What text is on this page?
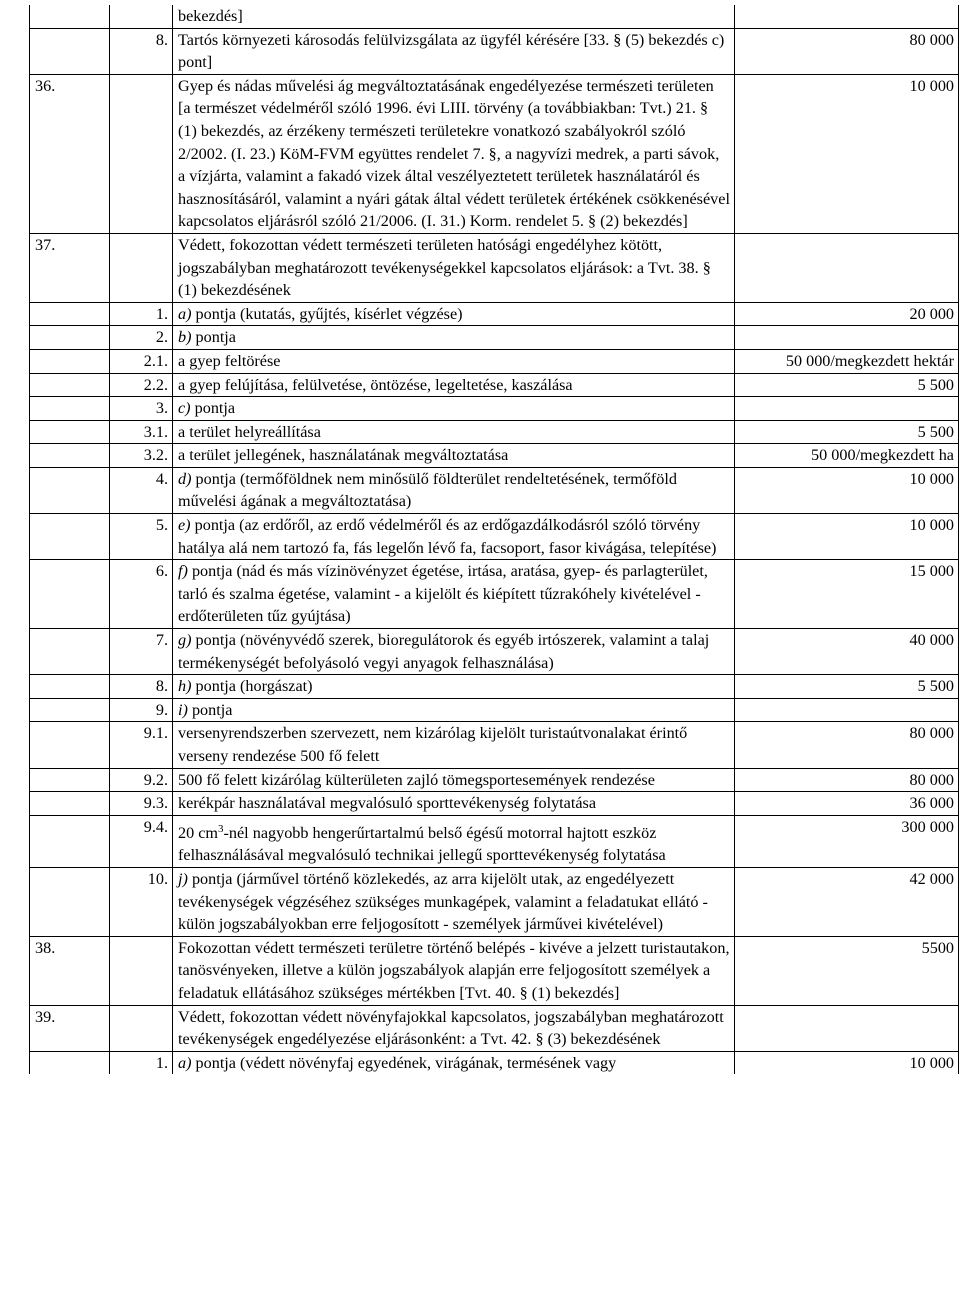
		bekezdés]	
	8.	Tartós környezeti károsodás felülvizsgálata az ügyfél kérésére [33. § (5) bekezdés c) pont]	80 000
36.		Gyep és nádas művelési ág megváltoztatásának engedélyezése természeti területen [a természet védelméről szóló 1996. évi LIII. törvény (a továbbiakban: Tvt.) 21. § (1) bekezdés, az érzékeny természeti területekre vonatkozó szabályokról szóló 2/2002. (I. 23.) KöM-FVM együttes rendelet 7. §, a nagyvízi medrek, a parti sávok, a vízjárta, valamint a fakadó vizek által veszélyeztetett területek használatáról és hasznosításáról, valamint a nyári gátak által védett területek értékének csökkenésével kapcsolatos eljárásról szóló 21/2006. (I. 31.) Korm. rendelet 5. § (2) bekezdés]	10 000
37.		Védett, fokozottan védett természeti területen hatósági engedélyhez kötött, jogszabályban meghatározott tevékenységekkel kapcsolatos eljárások: a Tvt. 38. § (1) bekezdésének	
	1.	a) pontja (kutatás, gyűjtés, kísérlet végzése)	20 000
	2.	b) pontja	
	2.1.	a gyep feltörése	50 000/megkezdett hektár
	2.2.	a gyep felújítása, felülvetése, öntözése, legeltetése, kaszálása	5 500
	3.	c) pontja	
	3.1.	a terület helyreállítása	5 500
	3.2.	a terület jellegének, használatának megváltoztatása	50 000/megkezdett ha
	4.	d) pontja (termőföldnek nem minősülő földterület rendeltetésének, termőföld művelési ágának a megváltoztatása)	10 000
	5.	e) pontja (az erdőről, az erdő védelméről és az erdőgazdálkodásról szóló törvény hatálya alá nem tartozó fa, fás legelőn lévő fa, facsoport, fasor kivágása, telepítése)	10 000
	6.	f) pontja (nád és más vízinövényzet égetése, irtása, aratása, gyep- és parlagterület, tarló és szalma égetése, valamint - a kijelölt és kiépített tűzrakóhely kivételével - erdőterületen tűz gyújtása)	15 000
	7.	g) pontja (növényvédő szerek, bioregulátorok és egyéb irtószerek, valamint a talaj termékenységét befolyásoló vegyi anyagok felhasználása)	40 000
	8.	h) pontja (horgászat)	5 500
	9.	i) pontja	
	9.1.	versenyrendszerben szervezett, nem kizárólag kijelölt turistaútvonalakat érintő verseny rendezése 500 fő felett	80 000
	9.2.	500 fő felett kizárólag külterületen zajló tömegsportesemények rendezése	80 000
	9.3.	kerékpár használatával megvalósuló sporttevékenység folytatása	36 000
	9.4.	20 $cm^3$-nél nagyobb hengerűrtartalmú belső égésű motorral hajtott eszköz felhasználásával megvalósuló technikai jellegű sporttevékenység folytatása	300 000
	10.	j) pontja (járművel történő közlekedés, az arra kijelölt utak, az engedélyezett tevékenységek végzéséhez szükséges munkagépek, valamint a feladatukat ellátó - külön jogszabályokban erre feljogosított - személyek járművei kivételével)	42 000
38.		Fokozottan védett természeti területre történő belépés - kivéve a jelzett turistautakon, tanösvényeken, illetve a külön jogszabályok alapján erre feljogosított személyek a feladatuk ellátásához szükséges mértékben [Tvt. 40. § (1) bekezdés]	5500
39.		Védett, fokozottan védett növényfajokkal kapcsolatos, jogszabályban meghatározott tevékenységek engedélyezése eljárásonként: a Tvt. 42. § (3) bekezdésének	
	1.	a) pontja (védett növényfaj egyedének, virágának, termésének vagy	10 000
